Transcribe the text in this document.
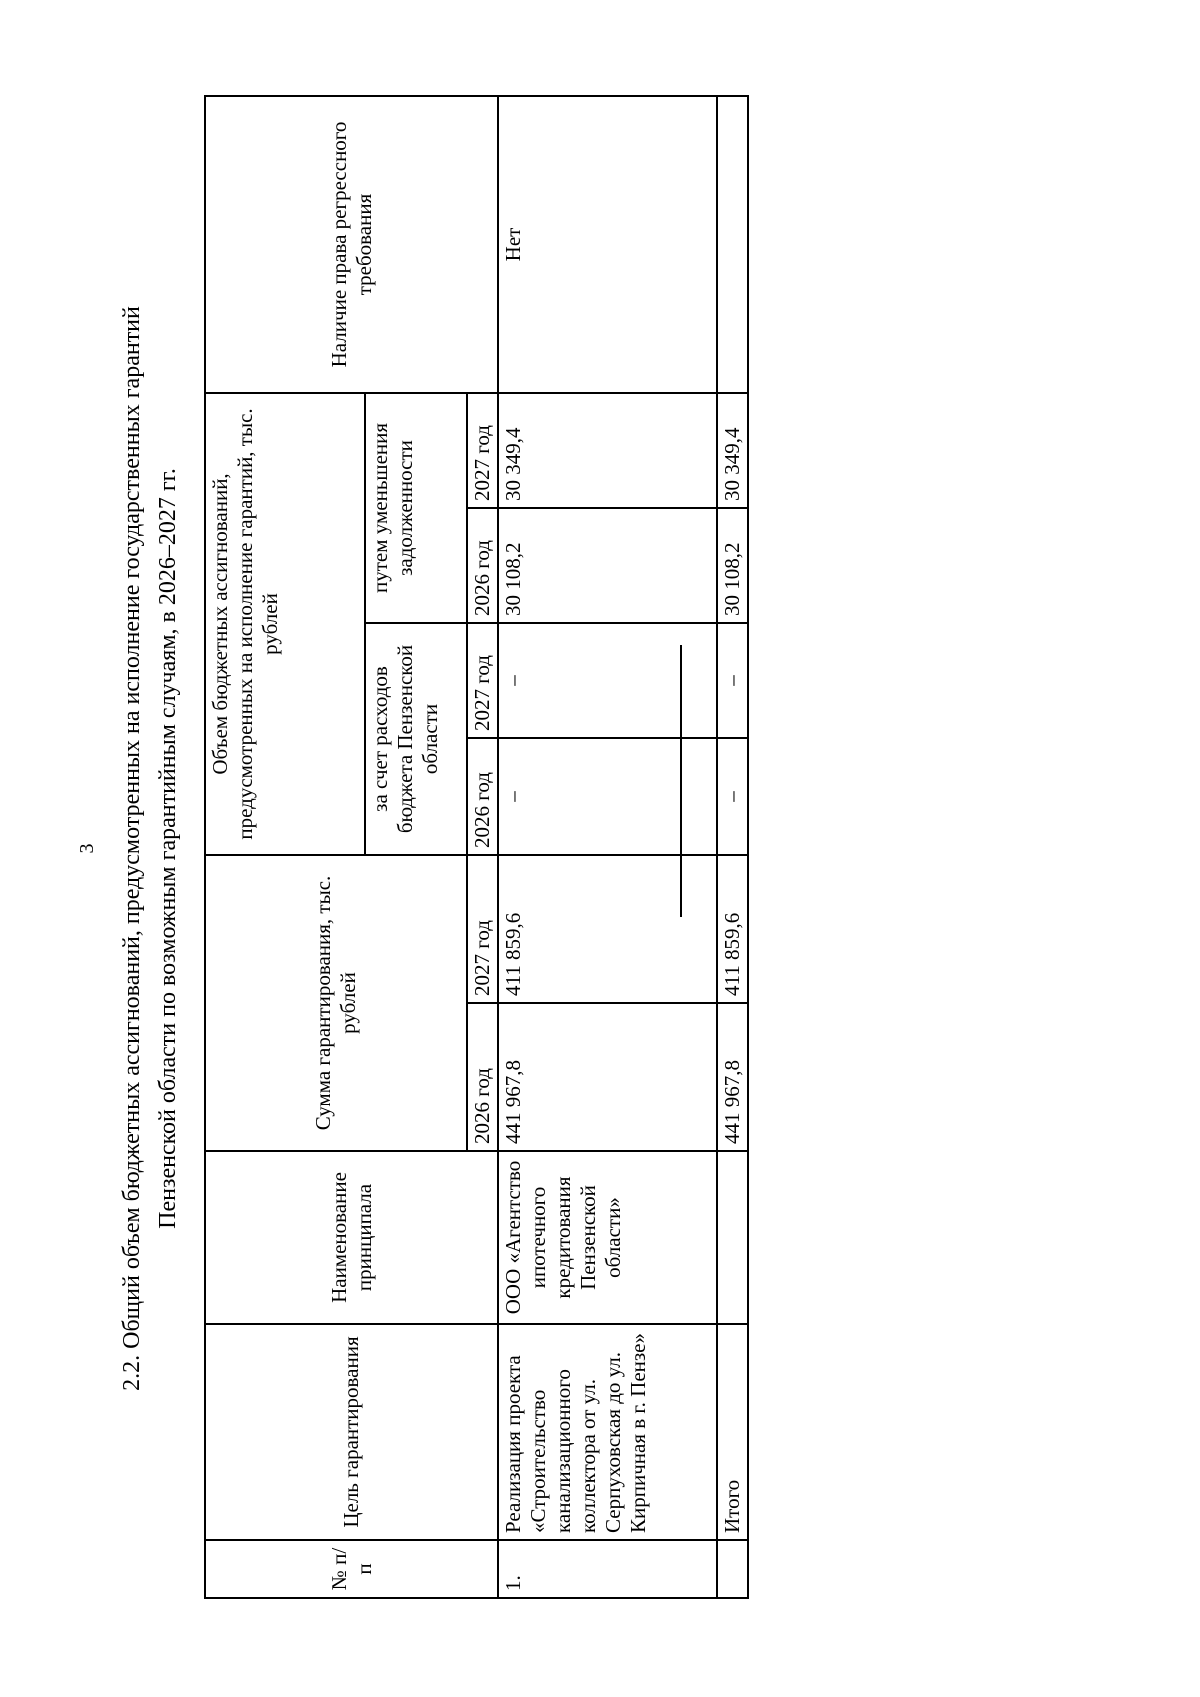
3 2.2. Общий объем бюджетных ассигнований, предусмотренных на исполнение государственных гарантий Пензенской области по возможным гарантийным случаям, в 2026–2027 гг.
№ п/п	Цель гарантирования	Наименование принципала	Сумма гарантирования, тыс. рублей		Объем бюджетных ассигнований, предусмотренных на исполнение гарантий, тыс. рублей				Наличие права регрессного требования
					за счет расходов бюджета Пензенской области		путем уменьшения задолженности		
			2026 год	2027 год	2026 год	2027 год	2026 год	2027 год	
1.	Реализация проекта «Строительство канализационного коллектора от ул. Серпуховская до ул. Кирпичная в г. Пензе»	ООО «Агентство ипотечного кредитования Пензенской области»	441 967,8	411 859,6	–	–	30 108,2	30 349,4	Нет
	Итого		441 967,8	411 859,6	–	–	30 108,2	30 349,4	
